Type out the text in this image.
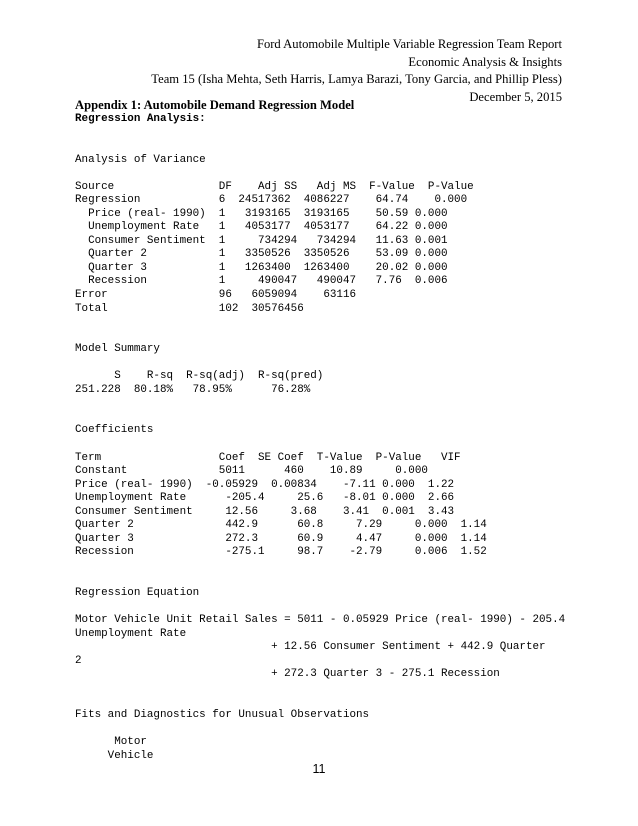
Ford Automobile Multiple Variable Regression Team Report
Economic Analysis & Insights
Team 15 (Isha Mehta, Seth Harris, Lamya Barazi, Tony Garcia, and Phillip Pless)
December 5, 2015
Appendix 1: Automobile Demand Regression Model
Regression Analysis:
Analysis of Variance
Source                DF    Adj SS   Adj MS  F-Value  P-Value
Regression            6  24517362  4086227    64.74    0.000
Price (real- 1990)  1   3193165  3193165    50.59 0.000
Unemployment Rate   1   4053177  4053177    64.22 0.000
Consumer Sentiment  1     734294   734294   11.63 0.001
Quarter 2           1   3350526  3350526    53.09 0.000
Quarter 3           1   1263400  1263400    20.02 0.000
Recession           1     490047   490047   7.76  0.006
Error                 96   6059094    63116
Total                 102  30576456
Model Summary
S    R-sq  R-sq(adj)  R-sq(pred)
251.228  80.18%   78.95%      76.28%
Coefficients
Term                  Coef  SE Coef  T-Value  P-Value   VIF
Constant              5011      460    10.89     0.000
Price (real- 1990)  -0.05929  0.00834    -7.11 0.000  1.22
Unemployment Rate      -205.4     25.6   -8.01 0.000  2.66
Consumer Sentiment     12.56     3.68    3.41  0.001  3.43
Quarter 2              442.9      60.8     7.29     0.000  1.14
Quarter 3              272.3      60.9     4.47     0.000  1.14
Recession              -275.1     98.7    -2.79     0.006  1.52
Regression Equation
Motor Vehicle Unit Retail Sales = 5011 - 0.05929 Price (real- 1990) - 205.4
Unemployment Rate
+ 12.56 Consumer Sentiment + 442.9 Quarter
2
+ 272.3 Quarter 3 - 275.1 Recession
Fits and Diagnostics for Unusual Observations
Motor
Vehicle
11
